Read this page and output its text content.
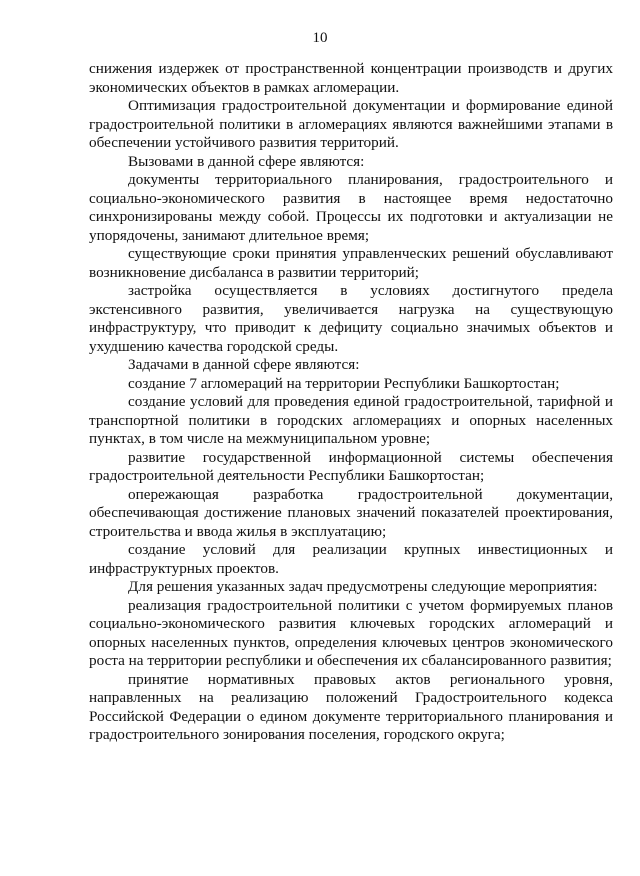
10

снижения издержек от пространственной концентрации производств и других экономических объектов в рамках агломерации.

Оптимизация градостроительной документации и формирование единой градостроительной политики в агломерациях являются важнейшими этапами в обеспечении устойчивого развития территорий.

Вызовами в данной сфере являются:

документы территориального планирования, градостроительного и социально-экономического развития в настоящее время недостаточно синхронизированы между собой. Процессы их подготовки и актуализации не упорядочены, занимают длительное время;

существующие сроки принятия управленческих решений обуславливают возникновение дисбаланса в развитии территорий;

застройка осуществляется в условиях достигнутого предела экстенсивного развития, увеличивается нагрузка на существующую инфраструктуру, что приводит к дефициту социально значимых объектов и ухудшению качества городской среды.

Задачами в данной сфере являются:

создание 7 агломераций на территории Республики Башкортостан;

создание условий для проведения единой градостроительной, тарифной и транспортной политики в городских агломерациях и опорных населенных пунктах, в том числе на межмуниципальном уровне;

развитие государственной информационной системы обеспечения градостроительной деятельности Республики Башкортостан;

опережающая разработка градостроительной документации, обеспечивающая достижение плановых значений показателей проектирования, строительства и ввода жилья в эксплуатацию;

создание условий для реализации крупных инвестиционных и инфраструктурных проектов.

Для решения указанных задач предусмотрены следующие мероприятия:

реализация градостроительной политики с учетом формируемых планов социально-экономического развития ключевых городских агломераций и опорных населенных пунктов, определения ключевых центров экономического роста на территории республики и обеспечения их сбалансированного развития;

принятие нормативных правовых актов регионального уровня, направленных на реализацию положений Градостроительного кодекса Российской Федерации о едином документе территориального планирования и градостроительного зонирования поселения, городского округа;
